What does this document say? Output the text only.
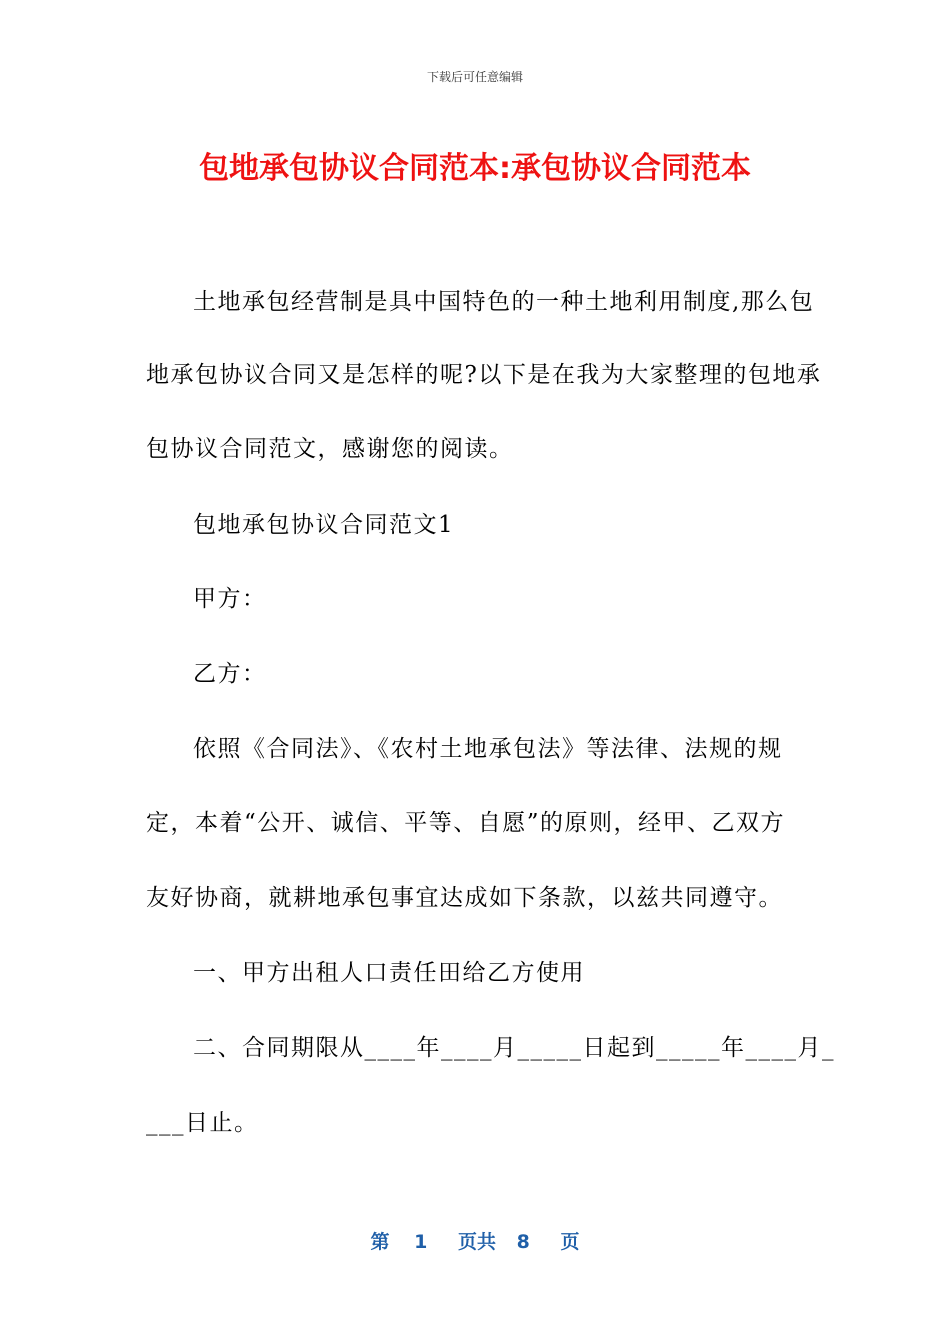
下载后可任意编辑
包地承包协议合同范本:承包协议合同范本
土地承包经营制是具中国特色的一种土地利用制度,那么包
地承包协议合同又是怎样的呢?以下是在我为大家整理的包地承
包协议合同范文，感谢您的阅读。
包地承包协议合同范文1
甲方：
乙方：
依照《合同法》、《农村土地承包法》等法律、法规的规
定，本着“公开、诚信、平等、自愿”的原则，经甲、乙双方
友好协商，就耕地承包事宜达成如下条款，以兹共同遵守。
一、甲方出租人口责任田给乙方使用
二、合同期限从____年____月_____日起到_____年____月_
___日止。
第 1 页共 8 页
